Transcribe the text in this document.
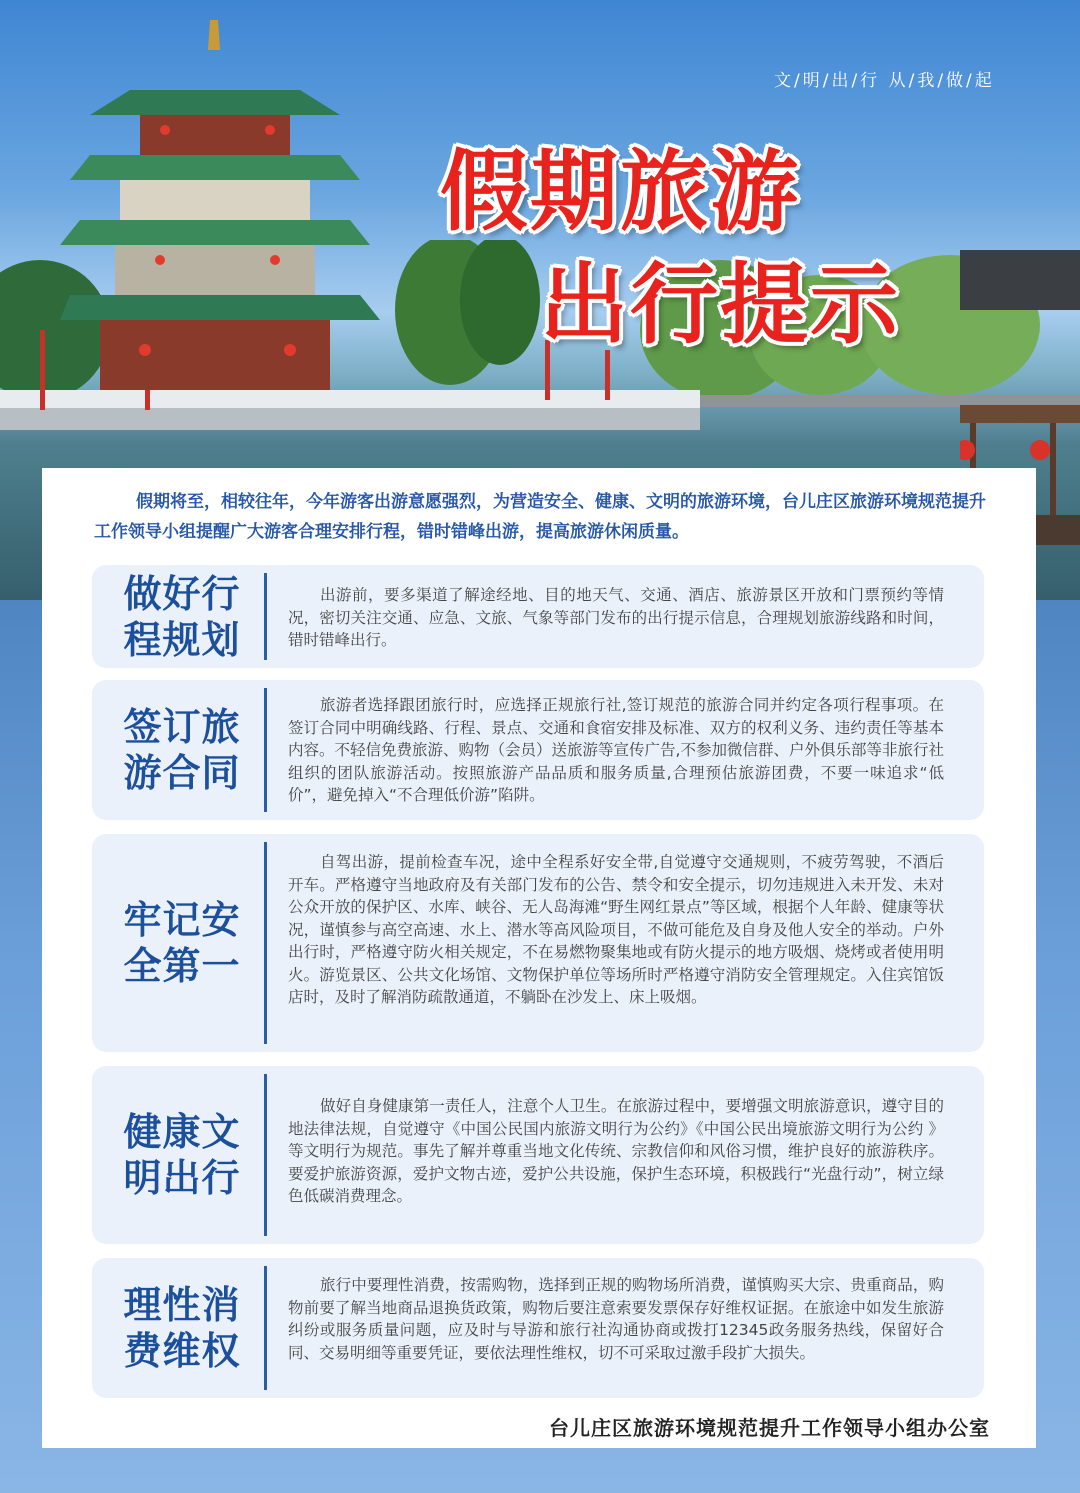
文/明/出/行 从/我/做/起
假期旅游
出行提示
假期将至，相较往年，今年游客出游意愿强烈，为营造安全、健康、文明的旅游环境，台儿庄区旅游环境规范提升工作领导小组提醒广大游客合理安排行程，错时错峰出游，提高旅游休闲质量。
做好行程规划
出游前，要多渠道了解途经地、目的地天气、交通、酒店、旅游景区开放和门票预约等情况，密切关注交通、应急、文旅、气象等部门发布的出行提示信息，合理规划旅游线路和时间，错时错峰出行。
签订旅游合同
旅游者选择跟团旅行时，应选择正规旅行社,签订规范的旅游合同并约定各项行程事项。在签订合同中明确线路、行程、景点、交通和食宿安排及标准、双方的权利义务、违约责任等基本内容。不轻信免费旅游、购物（会员）送旅游等宣传广告,不参加微信群、户外俱乐部等非旅行社组织的团队旅游活动。按照旅游产品品质和服务质量,合理预估旅游团费，不要一味追求“低价”，避免掉入“不合理低价游”陷阱。
牢记安全第一
自驾出游，提前检查车况，途中全程系好安全带,自觉遵守交通规则，不疲劳驾驶，不酒后开车。严格遵守当地政府及有关部门发布的公告、禁令和安全提示，切勿违规进入未开发、未对公众开放的保护区、水库、峡谷、无人岛海滩“野生网红景点”等区域，根据个人年龄、健康等状况，谨慎参与高空高速、水上、潜水等高风险项目，不做可能危及自身及他人安全的举动。户外出行时，严格遵守防火相关规定，不在易燃物聚集地或有防火提示的地方吸烟、烧烤或者使用明火。游览景区、公共文化场馆、文物保护单位等场所时严格遵守消防安全管理规定。入住宾馆饭店时，及时了解消防疏散通道，不躺卧在沙发上、床上吸烟。
健康文明出行
做好自身健康第一责任人，注意个人卫生。在旅游过程中，要增强文明旅游意识，遵守目的地法律法规，自觉遵守《中国公民国内旅游文明行为公约》《中国公民出境旅游文明行为公约 》等文明行为规范。事先了解并尊重当地文化传统、宗教信仰和风俗习惯，维护良好的旅游秩序。要爱护旅游资源，爱护文物古迹，爱护公共设施，保护生态环境，积极践行“光盘行动”，树立绿色低碳消费理念。
理性消费维权
旅行中要理性消费，按需购物，选择到正规的购物场所消费，谨慎购买大宗、贵重商品，购物前要了解当地商品退换货政策，购物后要注意索要发票保存好维权证据。在旅途中如发生旅游纠纷或服务质量问题，应及时与导游和旅行社沟通协商或拨打12345政务服务热线，保留好合同、交易明细等重要凭证，要依法理性维权，切不可采取过激手段扩大损失。
台儿庄区旅游环境规范提升工作领导小组办公室
